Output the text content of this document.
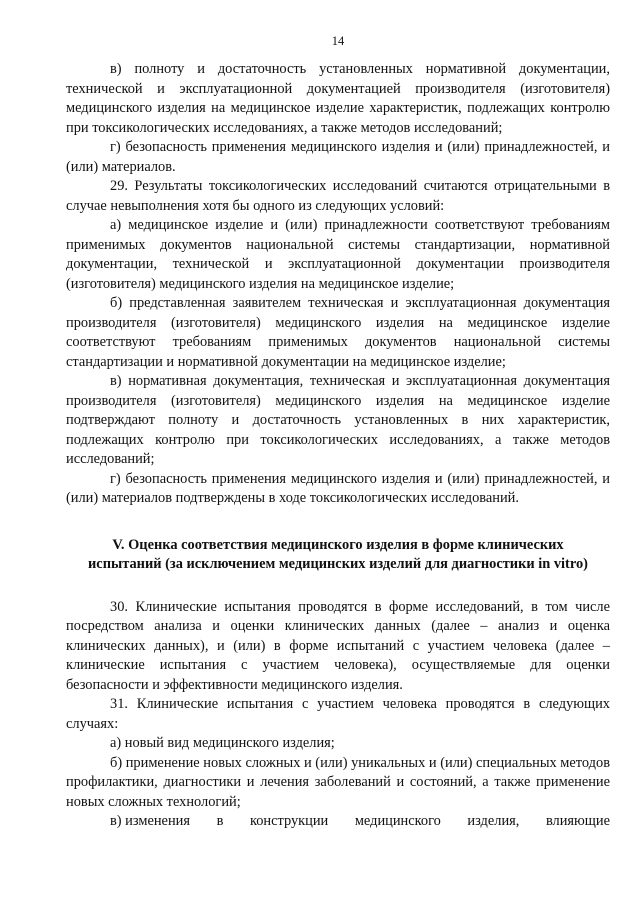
14

в) полноту и достаточность установленных нормативной документации, технической и эксплуатационной документацией производителя (изготовителя) медицинского изделия на медицинское изделие характеристик, подлежащих контролю при токсикологических исследованиях, а также методов исследований;

г) безопасность применения медицинского изделия и (или) принадлежностей, и (или) материалов.

29. Результаты токсикологических исследований считаются отрицательными в случае невыполнения хотя бы одного из следующих условий:

а) медицинское изделие и (или) принадлежности соответствуют требованиям применимых документов национальной системы стандартизации, нормативной документации, технической и эксплуатационной документации производителя (изготовителя) медицинского изделия на медицинское изделие;

б) представленная заявителем техническая и эксплуатационная документация производителя (изготовителя) медицинского изделия на медицинское изделие соответствуют требованиям применимых документов национальной системы стандартизации и нормативной документации на медицинское изделие;

в) нормативная документация, техническая и эксплуатационная документация производителя (изготовителя) медицинского изделия на медицинское изделие подтверждают полноту и достаточность установленных в них характеристик, подлежащих контролю при токсикологических исследованиях, а также методов исследований;

г) безопасность применения медицинского изделия и (или) принадлежностей, и (или) материалов подтверждены в ходе токсикологических исследований.

V. Оценка соответствия медицинского изделия в форме клинических
испытаний (за исключением медицинских изделий для диагностики in vitro)

30. Клинические испытания проводятся в форме исследований, в том числе посредством анализа и оценки клинических данных (далее – анализ и оценка клинических данных), и (или) в форме испытаний с участием человека (далее – клинические испытания с участием человека), осуществляемые для оценки безопасности и эффективности медицинского изделия.

31. Клинические испытания с участием человека проводятся в следующих случаях:

а) новый вид медицинского изделия;

б) применение новых сложных и (или) уникальных и (или) специальных методов профилактики, диагностики и лечения заболеваний и состояний, а также применение новых сложных технологий;

в) изменения в конструкции медицинского изделия, влияющие
